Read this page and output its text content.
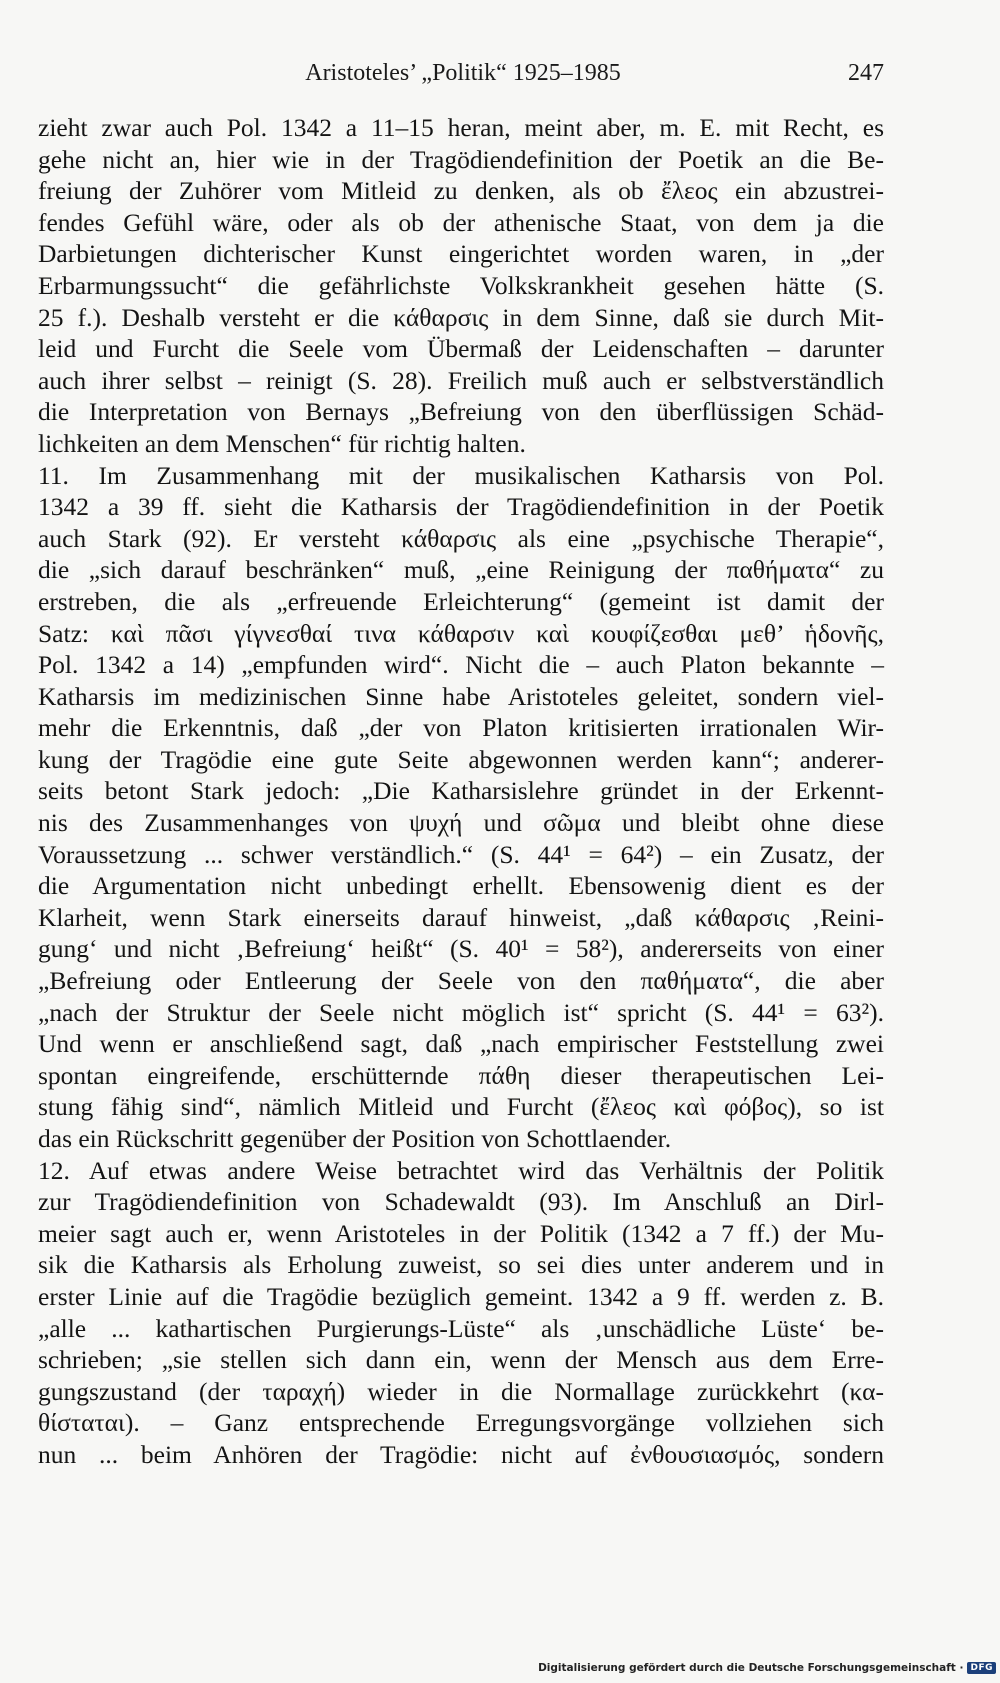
Aristoteles’ „Politik“ 1925–1985	247
zieht zwar auch Pol. 1342 a 11–15 heran, meint aber, m. E. mit Recht, es
gehe nicht an, hier wie in der Tragödiendefinition der Poetik an die Be-
freiung der Zuhörer vom Mitleid zu denken, als ob ἔλεος ein abzustrei-
fendes Gefühl wäre, oder als ob der athenische Staat, von dem ja die
Darbietungen dichterischer Kunst eingerichtet worden waren, in „der
Erbarmungssucht“ die gefährlichste Volkskrankheit gesehen hätte (S.
25 f.). Deshalb versteht er die κάθαρσις in dem Sinne, daß sie durch Mit-
leid und Furcht die Seele vom Übermaß der Leidenschaften – darunter
auch ihrer selbst – reinigt (S. 28). Freilich muß auch er selbstverständlich
die Interpretation von Bernays „Befreiung von den überflüssigen Schäd-
lichkeiten an dem Menschen“ für richtig halten.
11. Im Zusammenhang mit der musikalischen Katharsis von Pol.
1342 a 39 ff. sieht die Katharsis der Tragödiendefinition in der Poetik
auch Stark (92). Er versteht κάθαρσις als eine „psychische Therapie“,
die „sich darauf beschränken“ muß, „eine Reinigung der παθήματα“ zu
erstreben, die als „erfreuende Erleichterung“ (gemeint ist damit der
Satz: καὶ πᾶσι γίγνεσθαί τινα κάθαρσιν καὶ κουφίζεσθαι μεθ’ ἡδονῆς,
Pol. 1342 a 14) „empfunden wird“. Nicht die – auch Platon bekannte –
Katharsis im medizinischen Sinne habe Aristoteles geleitet, sondern viel-
mehr die Erkenntnis, daß „der von Platon kritisierten irrationalen Wir-
kung der Tragödie eine gute Seite abgewonnen werden kann“; anderer-
seits betont Stark jedoch: „Die Katharsislehre gründet in der Erkennt-
nis des Zusammenhanges von ψυχή und σῶμα und bleibt ohne diese
Voraussetzung ... schwer verständlich.“ (S. 44¹ = 64²) – ein Zusatz, der
die Argumentation nicht unbedingt erhellt. Ebensowenig dient es der
Klarheit, wenn Stark einerseits darauf hinweist, „daß κάθαρσις ‚Reini-
gung‘ und nicht ‚Befreiung‘ heißt“ (S. 40¹ = 58²), andererseits von einer
„Befreiung oder Entleerung der Seele von den παθήματα“, die aber
„nach der Struktur der Seele nicht möglich ist“ spricht (S. 44¹ = 63²).
Und wenn er anschließend sagt, daß „nach empirischer Feststellung zwei
spontan eingreifende, erschütternde πάθη dieser therapeutischen Lei-
stung fähig sind“, nämlich Mitleid und Furcht (ἔλεος καὶ φόβος), so ist
das ein Rückschritt gegenüber der Position von Schottlaender.
12. Auf etwas andere Weise betrachtet wird das Verhältnis der Politik
zur Tragödiendefinition von Schadewaldt (93). Im Anschluß an Dirl-
meier sagt auch er, wenn Aristoteles in der Politik (1342 a 7 ff.) der Mu-
sik die Katharsis als Erholung zuweist, so sei dies unter anderem und in
erster Linie auf die Tragödie bezüglich gemeint. 1342 a 9 ff. werden z. B.
„alle ... kathartischen Purgierungs-Lüste“ als ‚unschädliche Lüste‘ be-
schrieben; „sie stellen sich dann ein, wenn der Mensch aus dem Erre-
gungszustand (der ταραχή) wieder in die Normallage zurückkehrt (κα-
θίσταται). – Ganz entsprechende Erregungsvorgänge vollziehen sich
nun ... beim Anhören der Tragödie: nicht auf ἐνθουσιασμός, sondern
Digitalisierung gefördert durch die Deutsche Forschungsgemeinschaft · DFG
